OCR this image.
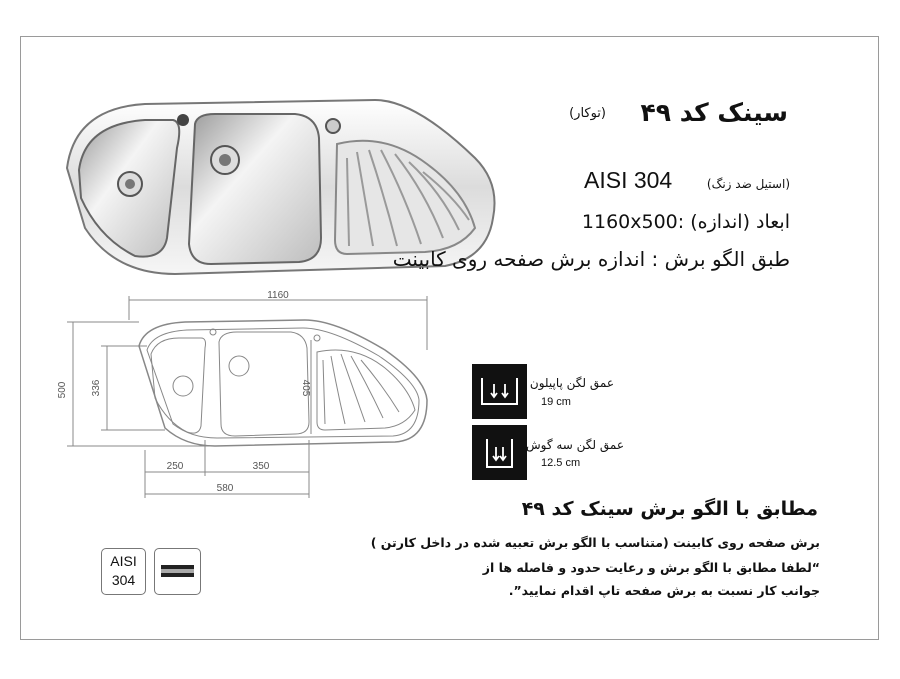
سینک کد ۴۹
(توکار)
(استیل ضد زنگ)
AISI 304
1160x500: ابعاد (اندازه)
طبق الگو برش : اندازه برش صفحه روی کابینت
1160
500 336	405
250	350
580
عمق لگن پاپیلون
19 cm
عمق لگن سه گوش
12.5 cm
مطابق با الگو برش سینک کد ۴۹
برش صفحه روی کابینت (متناسب با الگو برش تعبیه شده در داخل کارتن )
“لطفا مطابق با الگو برش و رعایت حدود و فاصله ها از
جوانب کار نسبت به برش صفحه تاپ اقدام نمایید”.
AISI
304
